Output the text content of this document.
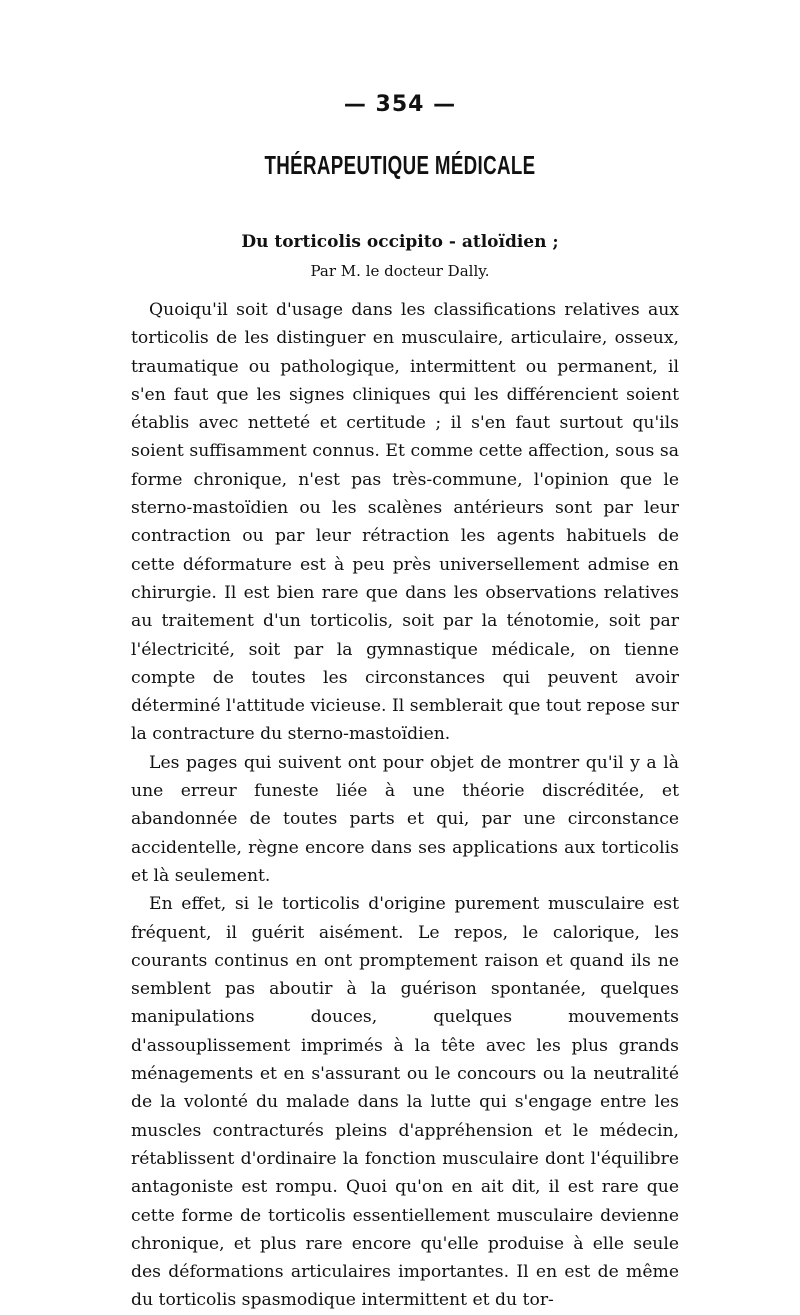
— 354 —
THÉRAPEUTIQUE MÉDICALE
Du torticolis occipito - atloïdien ;
Par M. le docteur Dally.

Quoiqu'il soit d'usage dans les classifications relatives aux torticolis de les distinguer en musculaire, articulaire, osseux, traumatique ou pathologique, intermittent ou permanent, il s'en faut que les signes cliniques qui les différencient soient établis avec netteté et certitude ; il s'en faut surtout qu'ils soient suffisamment connus. Et comme cette affection, sous sa forme chronique, n'est pas très-commune, l'opinion que le sterno-mastoïdien ou les scalènes antérieurs sont par leur contraction ou par leur rétraction les agents habituels de cette déformature est à peu près universellement admise en chirurgie. Il est bien rare que dans les observations relatives au traitement d'un torticolis, soit par la ténotomie, soit par l'électricité, soit par la gymnastique médicale, on tienne compte de toutes les circonstances qui peuvent avoir déterminé l'attitude vicieuse. Il semblerait que tout repose sur la contracture du sterno-mastoïdien.

Les pages qui suivent ont pour objet de montrer qu'il y a là une erreur funeste liée à une théorie discréditée, et abandonnée de toutes parts et qui, par une circonstance accidentelle, règne encore dans ses applications aux torticolis et là seulement.

En effet, si le torticolis d'origine purement musculaire est fréquent, il guérit aisément. Le repos, le calorique, les courants continus en ont promptement raison et quand ils ne semblent pas aboutir à la guérison spontanée, quelques manipulations douces, quelques mouvements d'assouplissement imprimés à la tête avec les plus grands ménagements et en s'assurant ou le concours ou la neutralité de la volonté du malade dans la lutte qui s'engage entre les muscles contracturés pleins d'appréhension et le médecin, rétablissent d'ordinaire la fonction musculaire dont l'équilibre antagoniste est rompu. Quoi qu'on en ait dit, il est rare que cette forme de torticolis essentiellement musculaire devienne chronique, et plus rare encore qu'elle produise à elle seule des déformations articulaires importantes. Il en est de même du torticolis spasmodique intermittent et du tor-
